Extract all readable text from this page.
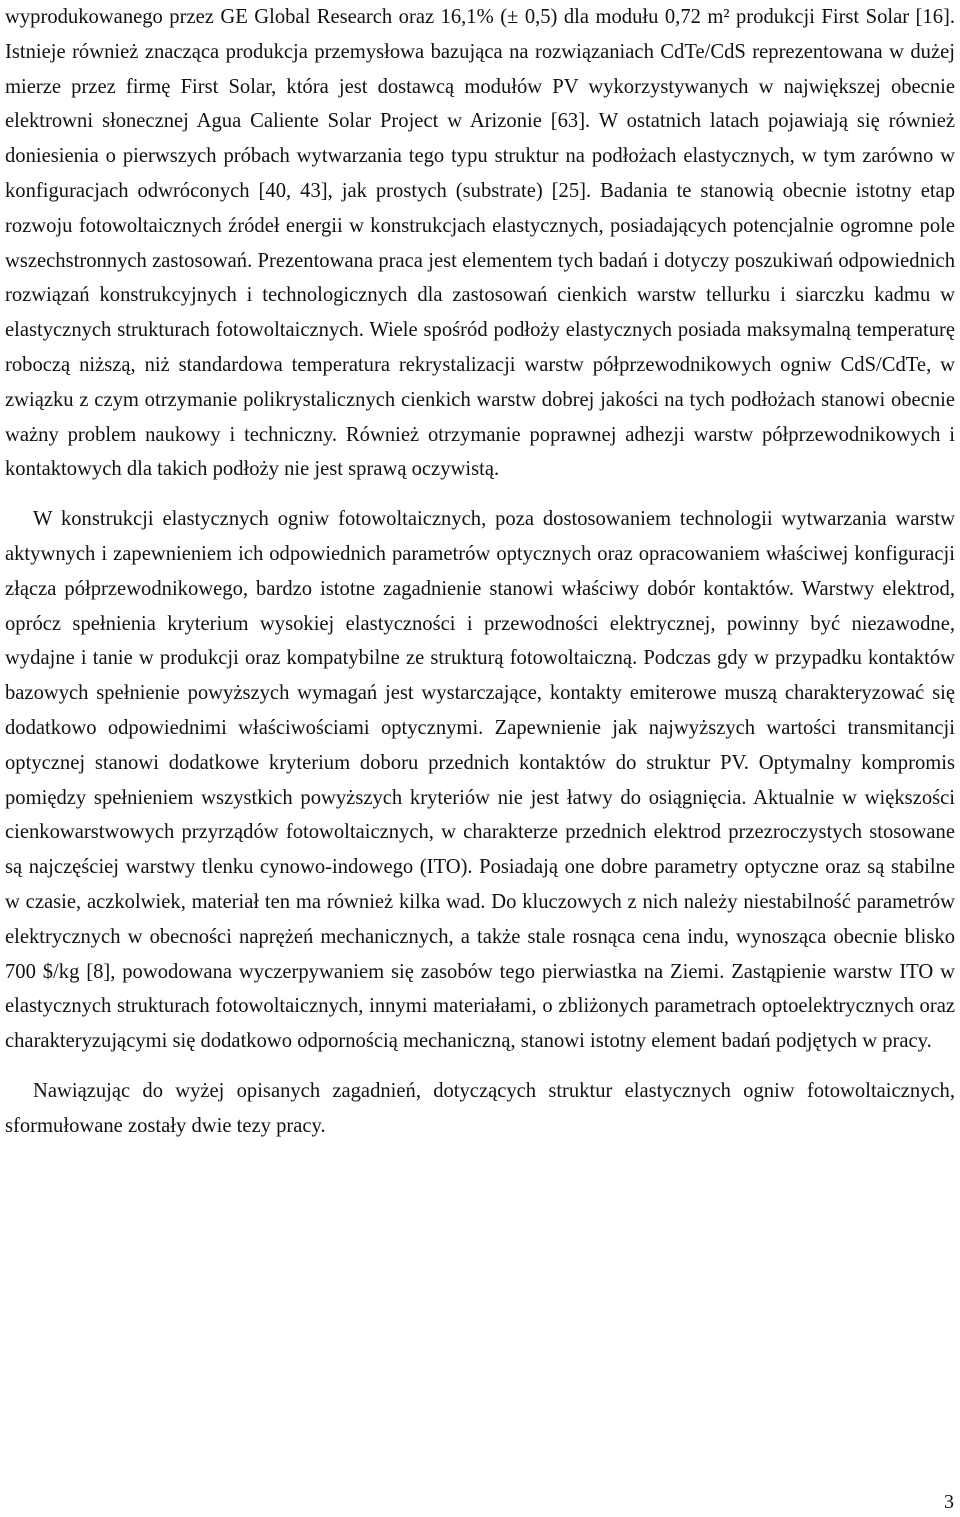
wyprodukowanego przez GE Global Research oraz 16,1% (± 0,5) dla modułu 0,72 m² produkcji First Solar [16]. Istnieje również znacząca produkcja przemysłowa bazująca na rozwiązaniach CdTe/CdS reprezentowana w dużej mierze przez firmę First Solar, która jest dostawcą modułów PV wykorzystywanych w największej obecnie elektrowni słonecznej Agua Caliente Solar Project w Arizonie [63]. W ostatnich latach pojawiają się również doniesienia o pierwszych próbach wytwarzania tego typu struktur na podłożach elastycznych, w tym zarówno w konfiguracjach odwróconych [40, 43], jak prostych (substrate) [25]. Badania te stanowią obecnie istotny etap rozwoju fotowoltaicznych źródeł energii w konstrukcjach elastycznych, posiadających potencjalnie ogromne pole wszechstronnych zastosowań. Prezentowana praca jest elementem tych badań i dotyczy poszukiwań odpowiednich rozwiązań konstrukcyjnych i technologicznych dla zastosowań cienkich warstw tellurku i siarczku kadmu w elastycznych strukturach fotowoltaicznych. Wiele spośród podłoży elastycznych posiada maksymalną temperaturę roboczą niższą, niż standardowa temperatura rekrystalizacji warstw półprzewodnikowych ogniw CdS/CdTe, w związku z czym otrzymanie polikrystalicznych cienkich warstw dobrej jakości na tych podłożach stanowi obecnie ważny problem naukowy i techniczny. Również otrzymanie poprawnej adhezji warstw półprzewodnikowych i kontaktowych dla takich podłoży nie jest sprawą oczywistą.

W konstrukcji elastycznych ogniw fotowoltaicznych, poza dostosowaniem technologii wytwarzania warstw aktywnych i zapewnieniem ich odpowiednich parametrów optycznych oraz opracowaniem właściwej konfiguracji złącza półprzewodnikowego, bardzo istotne zagadnienie stanowi właściwy dobór kontaktów. Warstwy elektrod, oprócz spełnienia kryterium wysokiej elastyczności i przewodności elektrycznej, powinny być niezawodne, wydajne i tanie w produkcji oraz kompatybilne ze strukturą fotowoltaiczną. Podczas gdy w przypadku kontaktów bazowych spełnienie powyższych wymagań jest wystarczające, kontakty emiterowe muszą charakteryzować się dodatkowo odpowiednimi właściwościami optycznymi. Zapewnienie jak najwyższych wartości transmitancji optycznej stanowi dodatkowe kryterium doboru przednich kontaktów do struktur PV. Optymalny kompromis pomiędzy spełnieniem wszystkich powyższych kryteriów nie jest łatwy do osiągnięcia. Aktualnie w większości cienkowarstwowych przyrządów fotowoltaicznych, w charakterze przednich elektrod przezroczystych stosowane są najczęściej warstwy tlenku cynowo-indowego (ITO). Posiadają one dobre parametry optyczne oraz są stabilne w czasie, aczkolwiek, materiał ten ma również kilka wad. Do kluczowych z nich należy niestabilność parametrów elektrycznych w obecności naprężeń mechanicznych, a także stale rosnąca cena indu, wynosząca obecnie blisko 700 $/kg [8], powodowana wyczerpywaniem się zasobów tego pierwiastka na Ziemi. Zastąpienie warstw ITO w elastycznych strukturach fotowoltaicznych, innymi materiałami, o zbliżonych parametrach optoelektrycznych oraz charakteryzującymi się dodatkowo odpornością mechaniczną, stanowi istotny element badań podjętych w pracy.

Nawiązując do wyżej opisanych zagadnień, dotyczących struktur elastycznych ogniw fotowoltaicznych, sformułowane zostały dwie tezy pracy.

3
